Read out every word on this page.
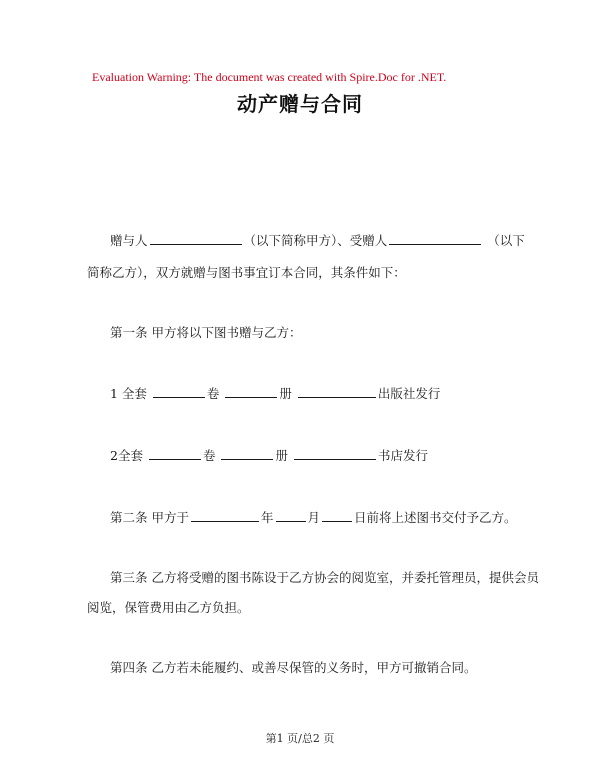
Evaluation Warning: The document was created with Spire.Doc for .NET.
动产赠与合同
赠与人	（以下简称甲方）、受赠人	（以下
简称乙方），双方就赠与图书事宜订本合同，其条件如下：
第一条 甲方将以下图书赠与乙方：
1 全套	卷	册	出版社发行
2全套	卷	册	书店发行
第二条 甲方于	年	月	日前将上述图书交付予乙方。
第三条 乙方将受赠的图书陈设于乙方协会的阅览室，并委托管理员，提供会员
阅览，保管费用由乙方负担。
第四条 乙方若未能履约、或善尽保管的义务时，甲方可撤销合同。
第1 页/总2 页
